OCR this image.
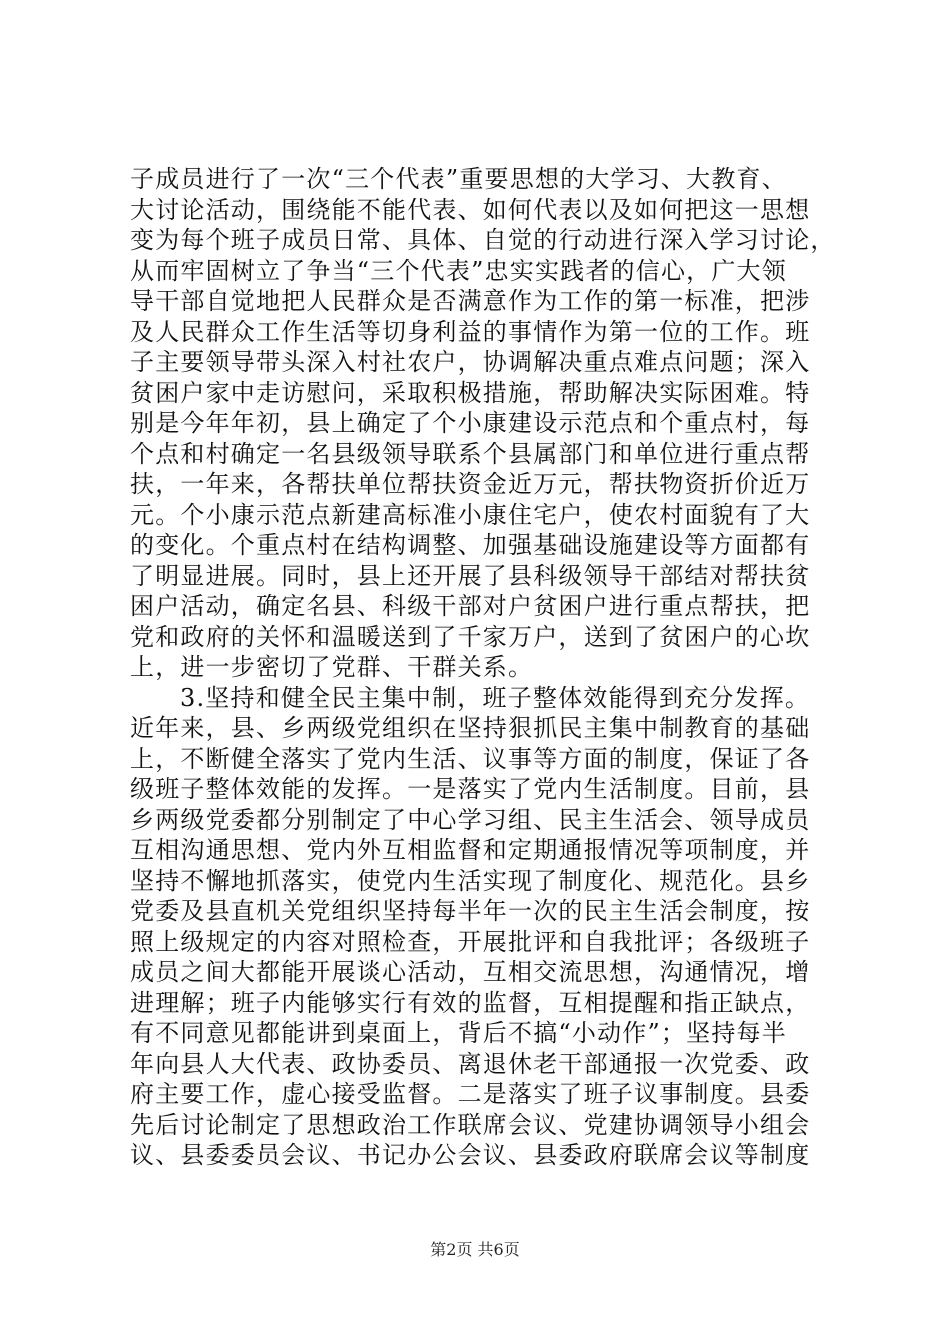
子成员进行了一次“三个代表”重要思想的大学习、大教育、
大讨论活动，围绕能不能代表、如何代表以及如何把这一思想
变为每个班子成员日常、具体、自觉的行动进行深入学习讨论，
从而牢固树立了争当“三个代表”忠实实践者的信心，广大领
导干部自觉地把人民群众是否满意作为工作的第一标准，把涉
及人民群众工作生活等切身利益的事情作为第一位的工作。班
子主要领导带头深入村社农户，协调解决重点难点问题；深入
贫困户家中走访慰问，采取积极措施，帮助解决实际困难。特
别是今年年初，县上确定了个小康建设示范点和个重点村，每
个点和村确定一名县级领导联系个县属部门和单位进行重点帮
扶，一年来，各帮扶单位帮扶资金近万元，帮扶物资折价近万
元。个小康示范点新建高标准小康住宅户，使农村面貌有了大
的变化。个重点村在结构调整、加强基础设施建设等方面都有
了明显进展。同时，县上还开展了县科级领导干部结对帮扶贫
困户活动，确定名县、科级干部对户贫困户进行重点帮扶，把
党和政府的关怀和温暖送到了千家万户，送到了贫困户的心坎
上，进一步密切了党群、干群关系。
3.坚持和健全民主集中制，班子整体效能得到充分发挥。
近年来，县、乡两级党组织在坚持狠抓民主集中制教育的基础
上，不断健全落实了党内生活、议事等方面的制度，保证了各
级班子整体效能的发挥。一是落实了党内生活制度。目前，县
乡两级党委都分别制定了中心学习组、民主生活会、领导成员
互相沟通思想、党内外互相监督和定期通报情况等项制度，并
坚持不懈地抓落实，使党内生活实现了制度化、规范化。县乡
党委及县直机关党组织坚持每半年一次的民主生活会制度，按
照上级规定的内容对照检查，开展批评和自我批评；各级班子
成员之间大都能开展谈心活动，互相交流思想，沟通情况，增
进理解；班子内能够实行有效的监督，互相提醒和指正缺点，
有不同意见都能讲到桌面上，背后不搞“小动作”；坚持每半
年向县人大代表、政协委员、离退休老干部通报一次党委、政
府主要工作，虚心接受监督。二是落实了班子议事制度。县委
先后讨论制定了思想政治工作联席会议、党建协调领导小组会
议、县委委员会议、书记办公会议、县委政府联席会议等制度
第2页 共6页
